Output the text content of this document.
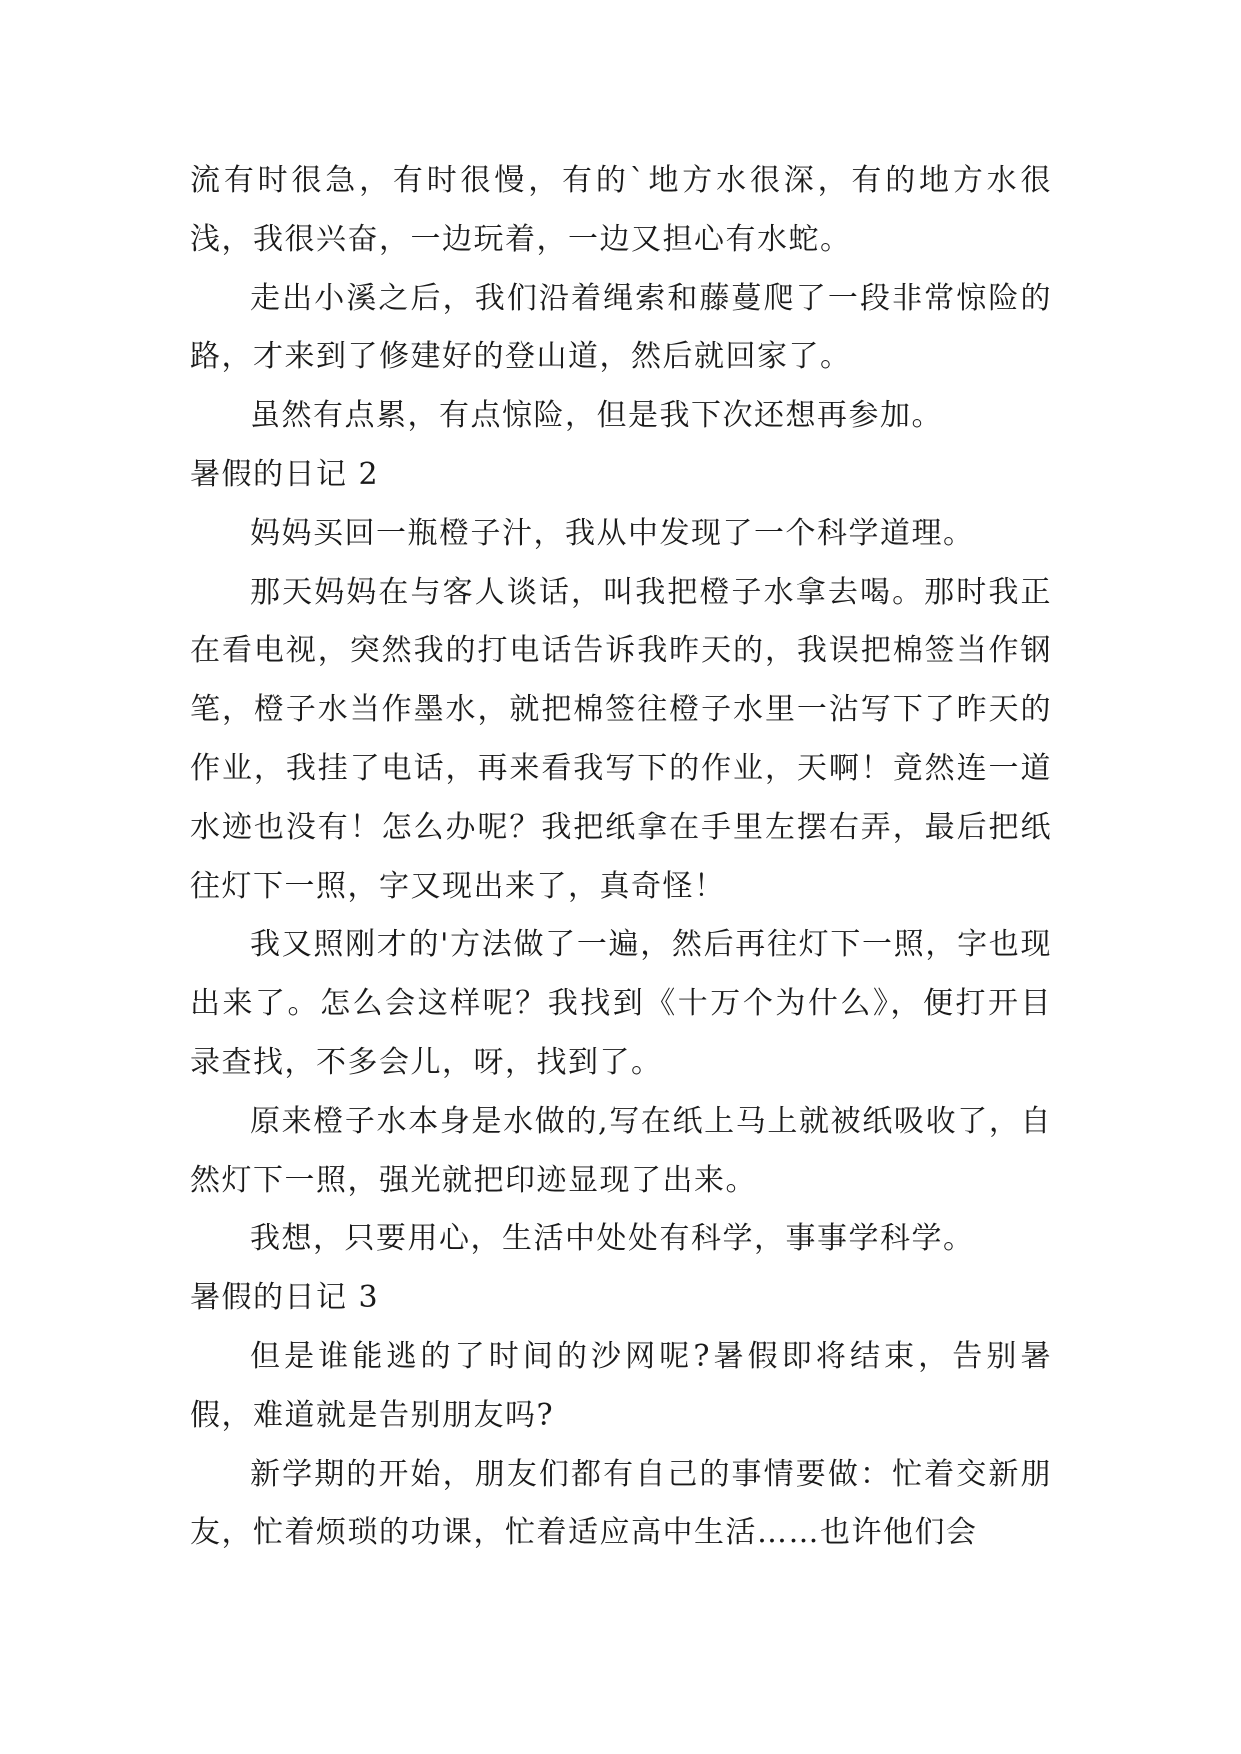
流有时很急，有时很慢，有的`地方水很深，有的地方水很浅，我很兴奋，一边玩着，一边又担心有水蛇。

走出小溪之后，我们沿着绳索和藤蔓爬了一段非常惊险的路，才来到了修建好的登山道，然后就回家了。

虽然有点累，有点惊险，但是我下次还想再参加。

暑假的日记 2

妈妈买回一瓶橙子汁，我从中发现了一个科学道理。

那天妈妈在与客人谈话，叫我把橙子水拿去喝。那时我正在看电视，突然我的打电话告诉我昨天的，我误把棉签当作钢笔，橙子水当作墨水，就把棉签往橙子水里一沾写下了昨天的作业，我挂了电话，再来看我写下的作业，天啊！竟然连一道水迹也没有！怎么办呢？我把纸拿在手里左摆右弄，最后把纸往灯下一照，字又现出来了，真奇怪！

我又照刚才的'方法做了一遍，然后再往灯下一照，字也现出来了。怎么会这样呢？我找到《十万个为什么》，便打开目录查找，不多会儿，呀，找到了。

原来橙子水本身是水做的,写在纸上马上就被纸吸收了，自然灯下一照，强光就把印迹显现了出来。

我想，只要用心，生活中处处有科学，事事学科学。

暑假的日记 3

但是谁能逃的了时间的沙网呢?暑假即将结束，告别暑假，难道就是告别朋友吗?

新学期的开始，朋友们都有自己的事情要做：忙着交新朋友，忙着烦琐的功课，忙着适应高中生活……也许他们会
